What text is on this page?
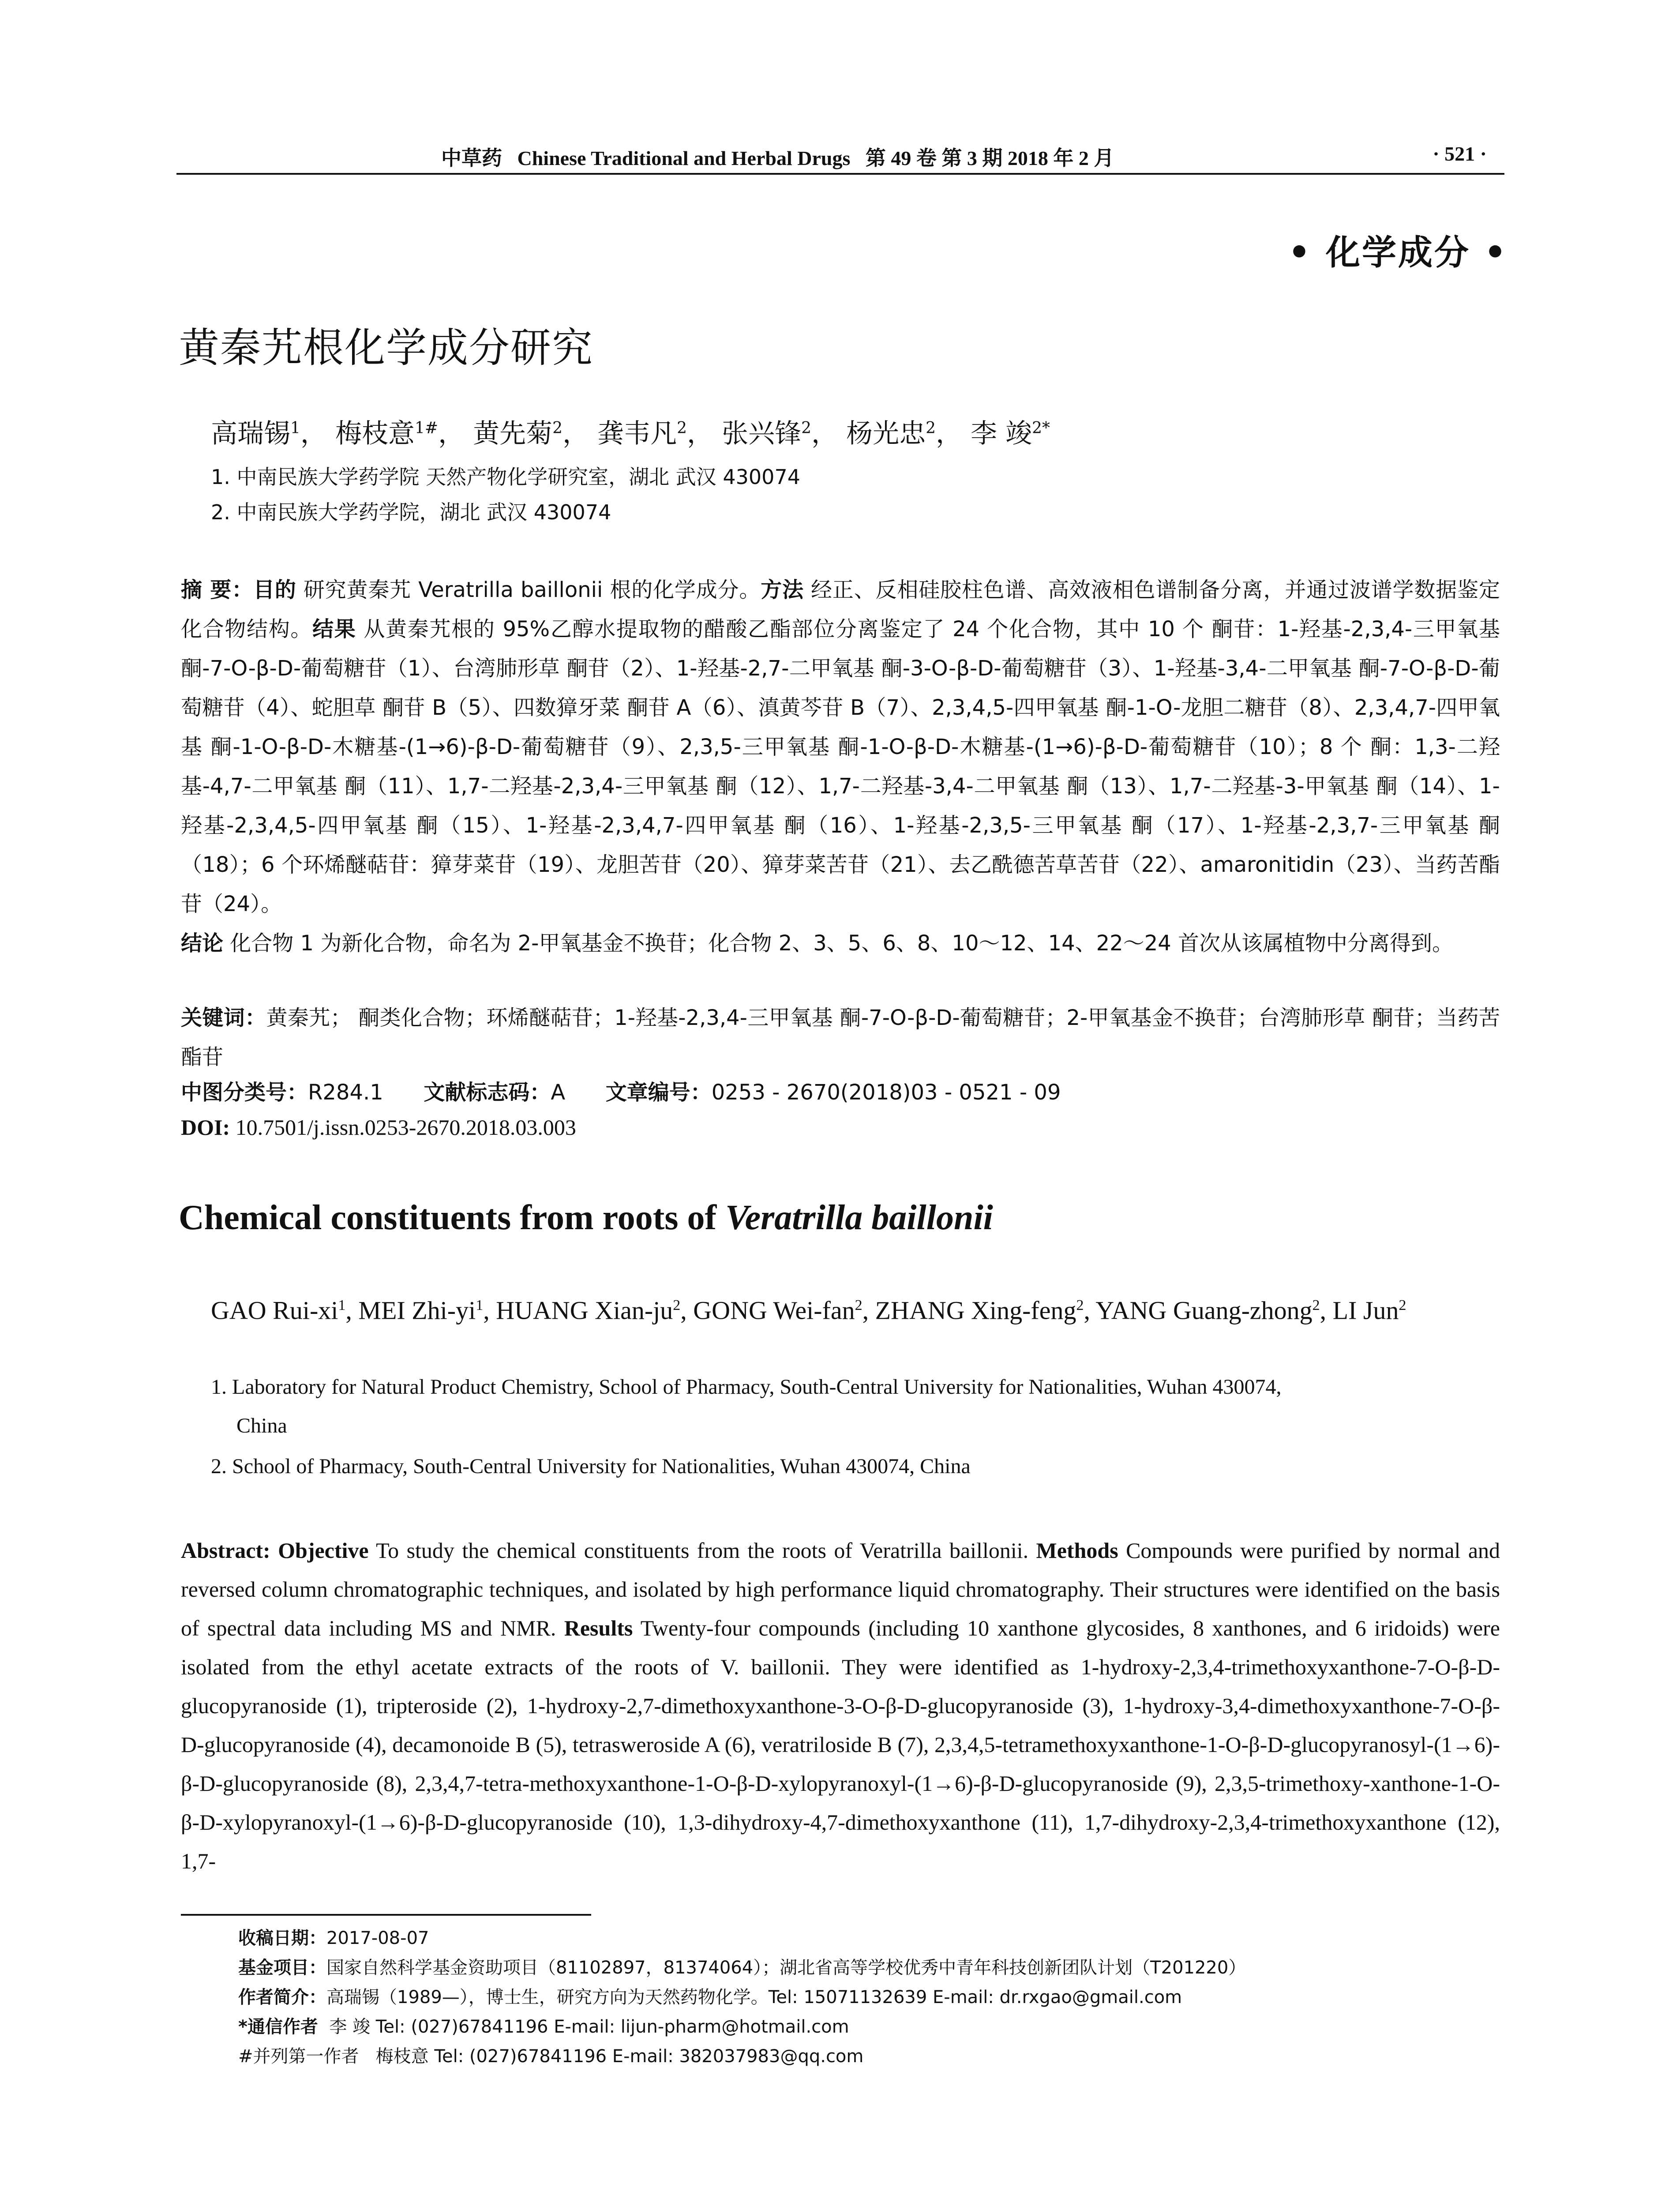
中草药 Chinese Traditional and Herbal Drugs 第 49 卷 第 3 期 2018 年 2 月	· 521 ·
• 化学成分 •
黄秦艽根化学成分研究
高瑞锡$^1$， 梅枝意$^{1\#}$， 黄先菊$^2$， 龚韦凡$^2$， 张兴锋$^2$， 杨光忠$^2$， 李 竣$^{2*}$
1. 中南民族大学药学院 天然产物化学研究室，湖北 武汉 430074
2. 中南民族大学药学院，湖北 武汉 430074
摘 要：目的 研究黄秦艽 Veratrilla baillonii 根的化学成分。方法 经正、反相硅胶柱色谱、高效液相色谱制备分离，并通过波谱学数据鉴定化合物结构。结果 从黄秦艽根的 95%乙醇水提取物的醋酸乙酯部位分离鉴定了 24 个化合物，其中 10 个 酮苷：1-羟基-2,3,4-三甲氧基 酮-7-O-β-D-葡萄糖苷（1）、台湾肺形草 酮苷（2）、1-羟基-2,7-二甲氧基 酮-3-O-β-D-葡萄糖苷（3）、1-羟基-3,4-二甲氧基 酮-7-O-β-D-葡萄糖苷（4）、蛇胆草 酮苷 B（5）、四数獐牙菜 酮苷 A（6）、滇黄芩苷 B（7）、2,3,4,5-四甲氧基 酮-1-O-龙胆二糖苷（8）、2,3,4,7-四甲氧基 酮-1-O-β-D-木糖基-(1→6)-β-D-葡萄糖苷（9）、2,3,5-三甲氧基 酮-1-O-β-D-木糖基-(1→6)-β-D-葡萄糖苷（10）；8 个 酮：1,3-二羟基-4,7-二甲氧基 酮（11）、1,7-二羟基-2,3,4-三甲氧基 酮（12）、1,7-二羟基-3,4-二甲氧基 酮（13）、1,7-二羟基-3-甲氧基 酮（14）、1-羟基-2,3,4,5-四甲氧基 酮（15）、1-羟基-2,3,4,7-四甲氧基 酮（16）、1-羟基-2,3,5-三甲氧基 酮（17）、1-羟基-2,3,7-三甲氧基 酮（18）；6 个环烯醚萜苷：獐芽菜苷（19）、龙胆苦苷（20）、獐芽菜苦苷（21）、去乙酰德苦草苦苷（22）、amaronitidin（23）、当药苦酯苷（24）。
结论 化合物 1 为新化合物，命名为 2-甲氧基金不换苷；化合物 2、3、5、6、8、10～12、14、22～24 首次从该属植物中分离得到。
关键词：黄秦艽； 酮类化合物；环烯醚萜苷；1-羟基-2,3,4-三甲氧基 酮-7-O-β-D-葡萄糖苷；2-甲氧基金不换苷；台湾肺形草 酮苷；当药苦酯苷
中图分类号：R284.1 文献标志码：A 文章编号：0253 - 2670(2018)03 - 0521 - 09
DOI: 10.7501/j.issn.0253-2670.2018.03.003
Chemical constituents from roots of Veratrilla baillonii
GAO Rui-$xi^1$, MEI Zhi-$yi^1$, HUANG Xian-$ju^2$, GONG Wei-fan$^2$, ZHANG Xing-feng$^2$, YANG Guang-zhong$^2$, LI Jun$^2$
1. Laboratory for Natural Product Chemistry, School of Pharmacy, South-Central University for Nationalities, Wuhan 430074,
China
2. School of Pharmacy, South-Central University for Nationalities, Wuhan 430074, China
Abstract: Objective To study the chemical constituents from the roots of Veratrilla baillonii. Methods Compounds were purified by normal and reversed column chromatographic techniques, and isolated by high performance liquid chromatography. Their structures were identified on the basis of spectral data including MS and NMR. Results Twenty-four compounds (including 10 xanthone glycosides, 8 xanthones, and 6 iridoids) were isolated from the ethyl acetate extracts of the roots of V. baillonii. They were identified as 1-hydroxy-2,3,4-trimethoxyxanthone-7-O-β-D-glucopyranoside (1), tripteroside (2), 1-hydroxy-2,7-dimethoxyxanthone-3-O-β-D-glucopyranoside (3), 1-hydroxy-3,4-dimethoxyxanthone-7-O-β-D-glucopyranoside (4), decamonoide B (5), tetrasweroside A (6), veratriloside B (7), 2,3,4,5-tetramethoxyxanthone-1-O-β-D-glucopyranosyl-(1→6)-β-D-glucopyranoside (8), 2,3,4,7-tetra-methoxyxanthone-1-O-β-D-xylopyranoxyl-(1→6)-β-D-glucopyranoside (9), 2,3,5-trimethoxy-xanthone-1-O-β-D-xylopyranoxyl-(1→6)-β-D-glucopyranoside (10), 1,3-dihydroxy-4,7-dimethoxyxanthone (11), 1,7-dihydroxy-2,3,4-trimethoxyxanthone (12), 1,7-
收稿日期：2017-08-07
基金项目：国家自然科学基金资助项目（81102897，81374064）；湖北省高等学校优秀中青年科技创新团队计划（T201220）
作者简介：高瑞锡（1989—），博士生，研究方向为天然药物化学。Tel: 15071132639 E-mail: dr.rxgao@gmail.com
*通信作者 李 竣 Tel: (027)67841196 E-mail: lijun-pharm@hotmail.com
#并列第一作者 梅枝意 Tel: (027)67841196 E-mail: 382037983@qq.com
